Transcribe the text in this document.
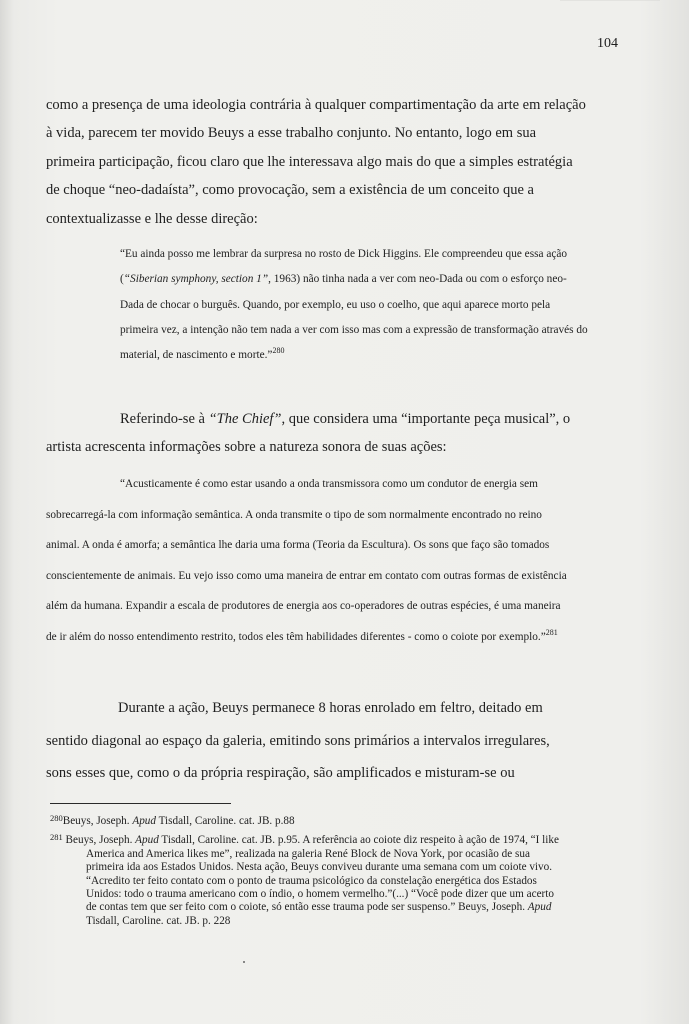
104

como a presença de uma ideologia contrária à qualquer compartimentação da arte em relação à vida, parecem ter movido Beuys a esse trabalho conjunto. No entanto, logo em sua primeira participação, ficou claro que lhe interessava algo mais do que a simples estratégia de choque “neo-dadaísta”, como provocação, sem a existência de um conceito que a contextualizasse e lhe desse direção:

“Eu ainda posso me lembrar da surpresa no rosto de Dick Higgins. Ele compreendeu que essa ação (“Siberian symphony, section 1”, 1963) não tinha nada a ver com neo-Dada ou com o esforço neo-Dada de chocar o burguês. Quando, por exemplo, eu uso o coelho, que aqui aparece morto pela primeira vez, a intenção não tem nada a ver com isso mas com a expressão de transformação através do material, de nascimento e morte.”$^{280}$

Referindo-se à “The Chief”, que considera uma “importante peça musical”, o artista acrescenta informações sobre a natureza sonora de suas ações:

“Acusticamente é como estar usando a onda transmissora como um condutor de energia sem sobrecarregá-la com informação semântica. A onda transmite o tipo de som normalmente encontrado no reino animal. A onda é amorfa; a semântica lhe daria uma forma (Teoria da Escultura). Os sons que faço são tomados conscientemente de animais. Eu vejo isso como uma maneira de entrar em contato com outras formas de existência além da humana. Expandir a escala de produtores de energia aos co-operadores de outras espécies, é uma maneira de ir além do nosso entendimento restrito, todos eles têm habilidades diferentes - como o coiote por exemplo.”$^{281}$

Durante a ação, Beuys permanece 8 horas enrolado em feltro, deitado em sentido diagonal ao espaço da galeria, emitindo sons primários a intervalos irregulares, sons esses que, como o da própria respiração, são amplificados e misturam-se ou

$^{280}$Beuys, Joseph. Apud Tisdall, Caroline. cat. JB. p.88

$^{281}$ Beuys, Joseph. Apud Tisdall, Caroline. cat. JB. p.95. A referência ao coiote diz respeito à ação de 1974, “I like America and America likes me”, realizada na galeria René Block de Nova York, por ocasião de sua primeira ida aos Estados Unidos. Nesta ação, Beuys conviveu durante uma semana com um coiote vivo. “Acredito ter feito contato com o ponto de trauma psicológico da constelação energética dos Estados Unidos: todo o trauma americano com o índio, o homem vermelho.”(...) “Você pode dizer que um acerto de contas tem que ser feito com o coiote, só então esse trauma pode ser suspenso.” Beuys, Joseph. Apud Tisdall, Caroline. cat. JB. p. 228
